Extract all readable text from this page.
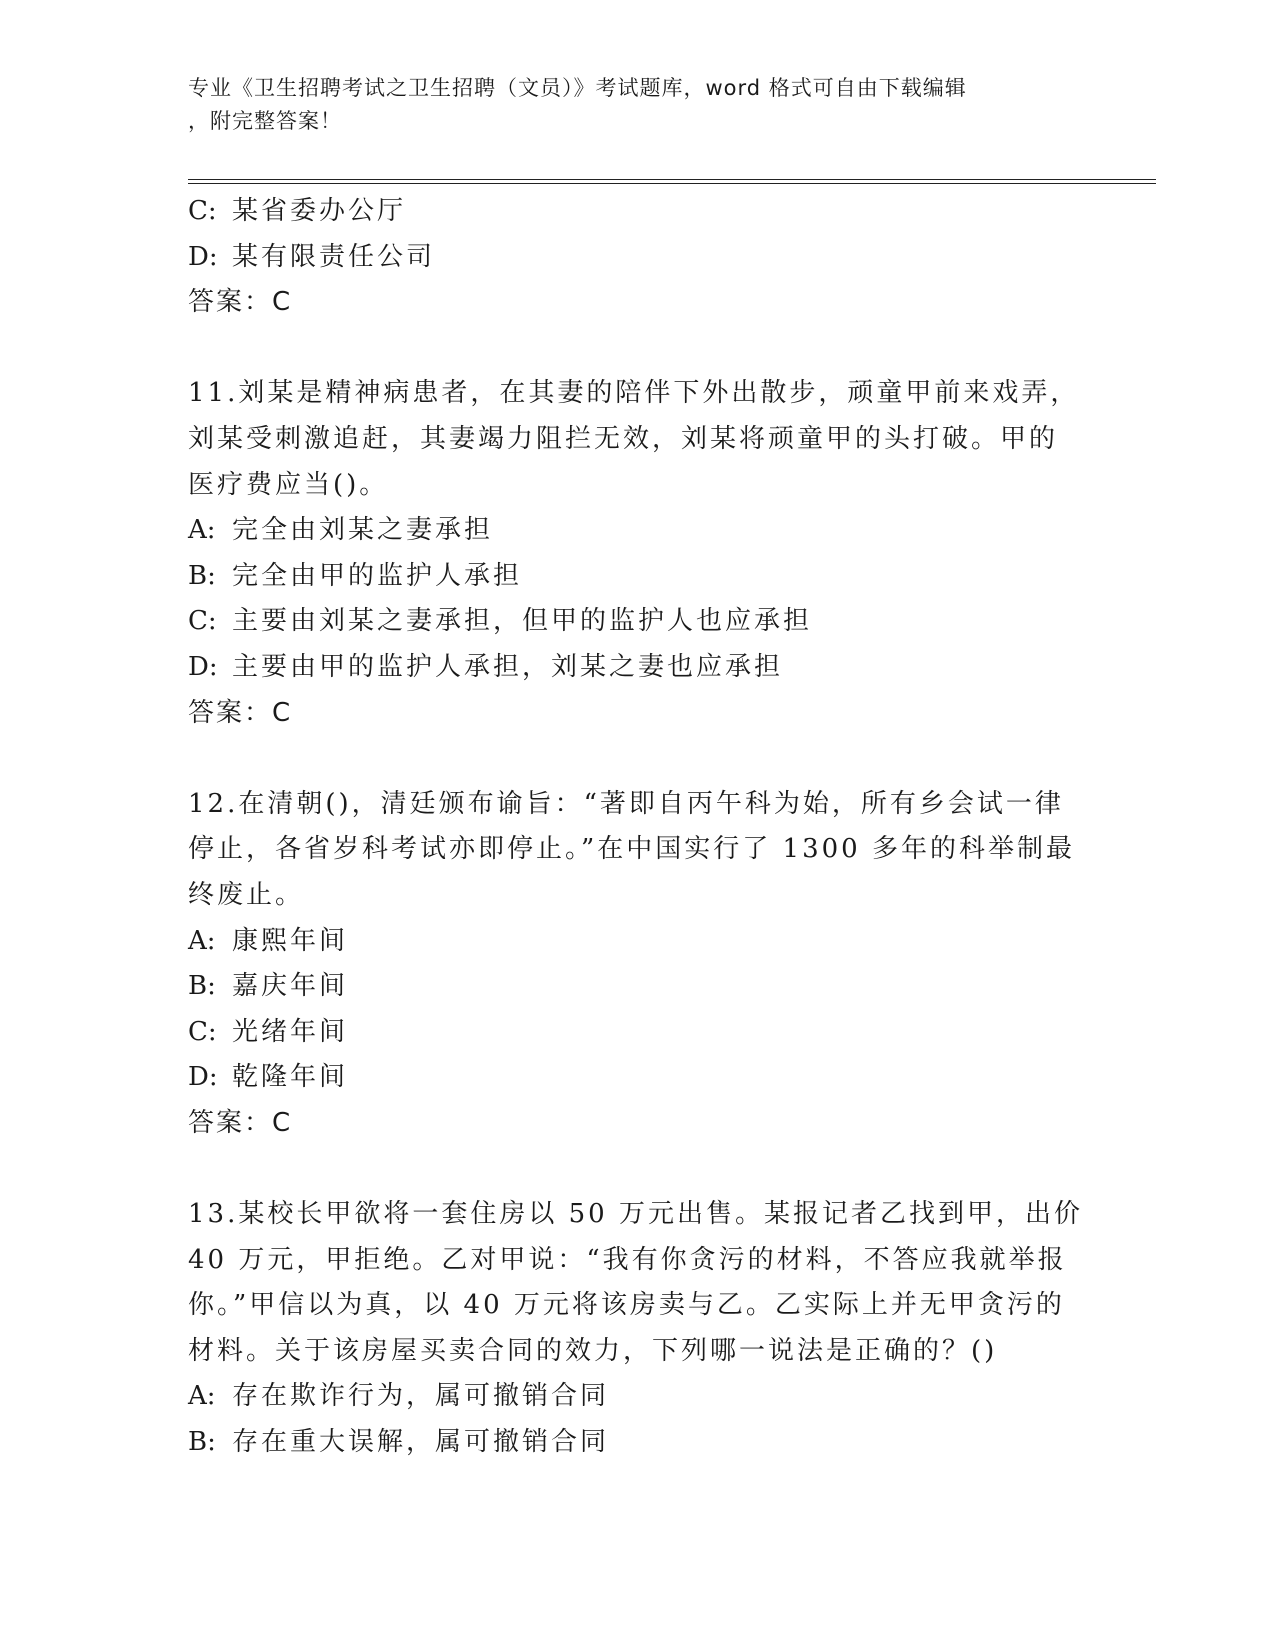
专业《卫生招聘考试之卫生招聘（文员）》考试题库，word 格式可自由下载编辑
，附完整答案！
C: 某省委办公厅
D: 某有限责任公司
答案：C
11.刘某是精神病患者，在其妻的陪伴下外出散步，顽童甲前来戏弄，
刘某受刺激追赶，其妻竭力阻拦无效，刘某将顽童甲的头打破。甲的
医疗费应当()。
A: 完全由刘某之妻承担
B: 完全由甲的监护人承担
C: 主要由刘某之妻承担，但甲的监护人也应承担
D: 主要由甲的监护人承担，刘某之妻也应承担
答案：C
12.在清朝()，清廷颁布谕旨：“著即自丙午科为始，所有乡会试一律
停止，各省岁科考试亦即停止。”在中国实行了 1300 多年的科举制最
终废止。
A: 康熙年间
B: 嘉庆年间
C: 光绪年间
D: 乾隆年间
答案：C
13.某校长甲欲将一套住房以 50 万元出售。某报记者乙找到甲，出价
40 万元，甲拒绝。乙对甲说：“我有你贪污的材料，不答应我就举报
你。”甲信以为真，以 40 万元将该房卖与乙。乙实际上并无甲贪污的
材料。关于该房屋买卖合同的效力，下列哪一说法是正确的？()
A: 存在欺诈行为，属可撤销合同
B: 存在重大误解，属可撤销合同
